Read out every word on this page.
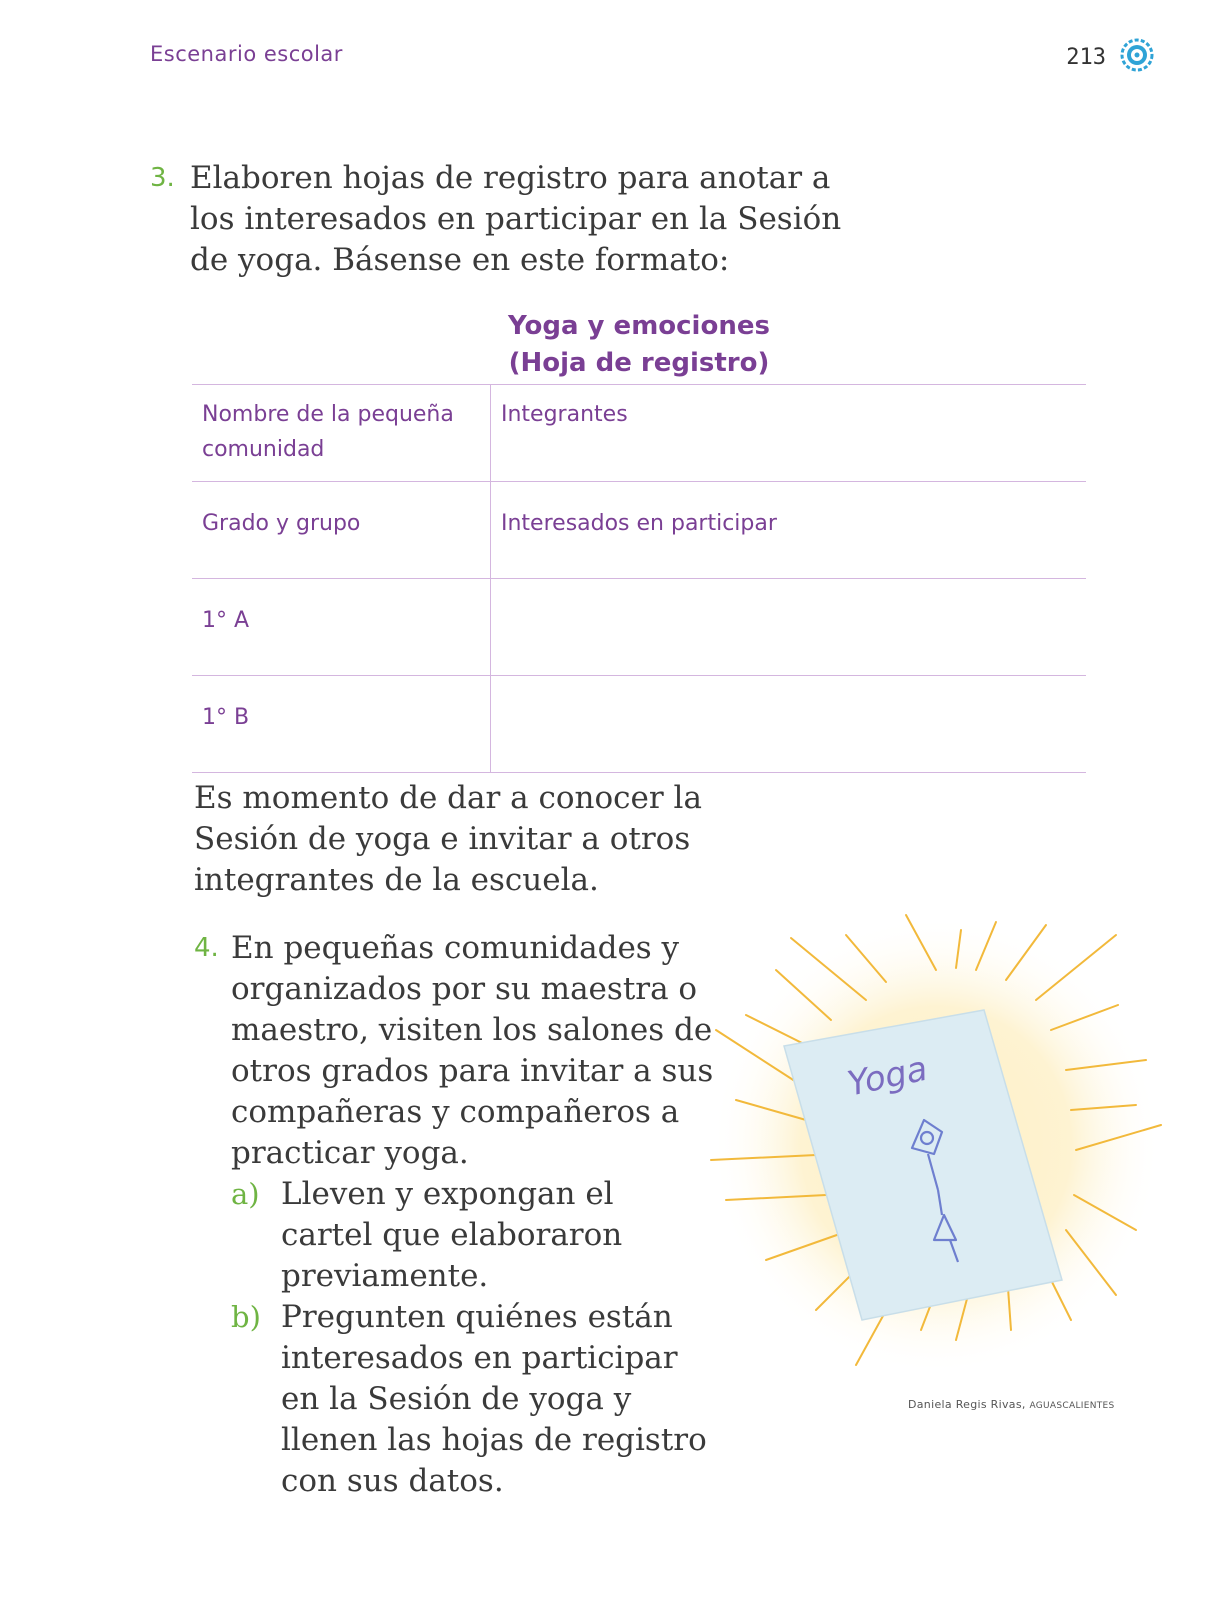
Escenario escolar	213
3. Elaboren hojas de registro para anotar a los interesados en participar en la Sesión de yoga. Básense en este formato:
Yoga y emociones
(Hoja de registro)
Nombre de la pequeña comunidad	Integrantes
Grado y grupo	Interesados en participar
1° A	
1° B	
Es momento de dar a conocer la Sesión de yoga e invitar a otros integrantes de la escuela.
4. En pequeñas comunidades y organizados por su maestra o maestro, visiten los salones de otros grados para invitar a sus compañeras y compañeros a practicar yoga.
a) Lleven y expongan el cartel que elaboraron previamente.
b) Pregunten quiénes están interesados en participar en la Sesión de yoga y llenen las hojas de registro con sus datos.
Yoga
Daniela Regis Rivas, AGUASCALIENTES
